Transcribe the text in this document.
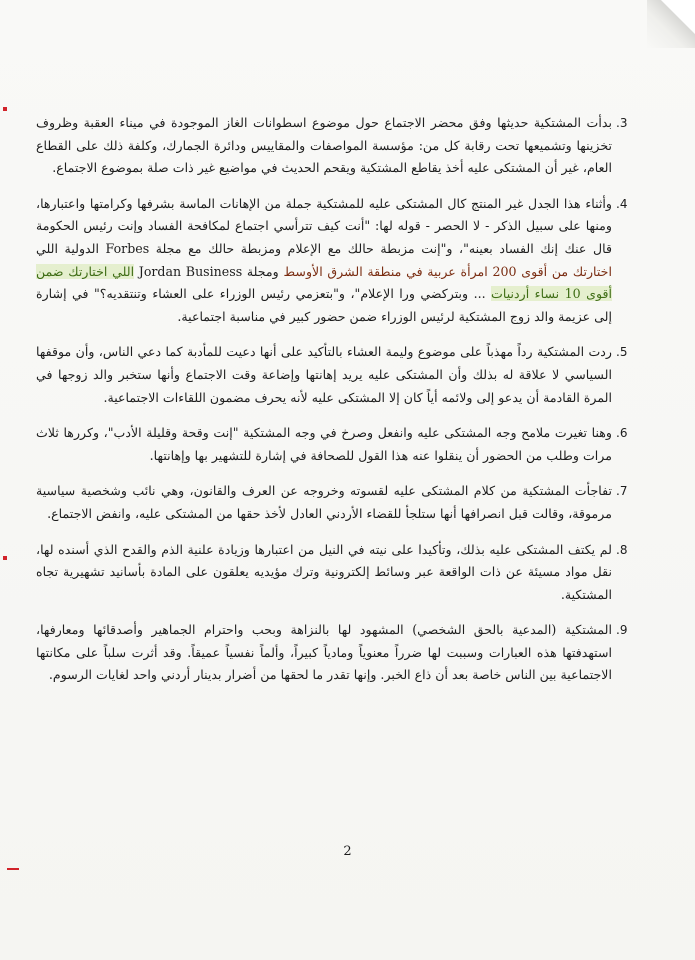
3.

بدأت المشتكية حديثها وفق محضر الاجتماع حول موضوع اسطوانات الغاز الموجودة في ميناء العقبة وظروف تخزينها وتشميعها تحت رقابة كل من: مؤسسة المواصفات والمقاييس ودائرة الجمارك، وكلفة ذلك على القطاع العام، غير أن المشتكى عليه أخذ يقاطع المشتكية ويقحم الحديث في مواضيع غير ذات صلة بموضوع الاجتماع.

4.

وأثناء هذا الجدل غير المنتج كال المشتكى عليه للمشتكية جملة من الإهانات الماسة بشرفها وكرامتها واعتبارها، ومنها على سبيل الذكر - لا الحصر - قوله لها: "أنت كيف تترأسي اجتماع لمكافحة الفساد وإنت رئيس الحكومة قال عنك إنك الفساد بعينه"، و"إنت مزبطة حالك مع الإعلام ومزبطة حالك مع مجلة Forbes الدولية اللي اختارتك من أقوى 200 امرأة عربية في منطقة الشرق الأوسط ومجلة Jordan Business اللي اختارتك ضمن أقوى 10 نساء أردنيات ... وبتركضي ورا الإعلام"، و"بتعزمي رئيس الوزراء على العشاء وتنتقديه؟" في إشارة إلى عزيمة والد زوج المشتكية لرئيس الوزراء ضمن حضور كبير في مناسبة اجتماعية.

5.

ردت المشتكية رداً مهذباً على موضوع وليمة العشاء بالتأكيد على أنها دعيت للمأدبة كما دعي الناس، وأن موقفها السياسي لا علاقة له بذلك وأن المشتكى عليه يريد إهانتها وإضاعة وقت الاجتماع وأنها ستخبر والد زوجها في المرة القادمة أن يدعو إلى ولائمه أياً كان إلا المشتكى عليه لأنه يحرف مضمون اللقاءات الاجتماعية.

6.

وهنا تغيرت ملامح وجه المشتكى عليه وانفعل وصرخ في وجه المشتكية "إنت وقحة وقليلة الأدب"، وكررها ثلاث مرات وطلب من الحضور أن ينقلوا عنه هذا القول للصحافة في إشارة للتشهير بها وإهانتها.

7.

تفاجأت المشتكية من كلام المشتكى عليه لقسوته وخروجه عن العرف والقانون، وهي نائب وشخصية سياسية مرموقة، وقالت قبل انصرافها أنها ستلجأ للقضاء الأردني العادل لأخذ حقها من المشتكى عليه، وانفض الاجتماع.

8.

لم يكتف المشتكى عليه بذلك، وتأكيدا على نيته في النيل من اعتبارها وزيادة علنية الذم والقدح الذي أسنده لها، نقل مواد مسيئة عن ذات الواقعة عبر وسائط إلكترونية وترك مؤيديه يعلقون على المادة بأسانيد تشهيرية تجاه المشتكية.

9.

المشتكية (المدعية بالحق الشخصي) المشهود لها بالنزاهة وبحب واحترام الجماهير وأصدقائها ومعارفها، استهدفتها هذه العبارات وسببت لها ضرراً معنوياً ومادياً كبيراً، وألماً نفسياً عميقاً. وقد أثرت سلباً على مكانتها الاجتماعية بين الناس خاصة بعد أن ذاع الخبر. وإنها تقدر ما لحقها من أضرار بدينار أردني واحد لغايات الرسوم.

2
